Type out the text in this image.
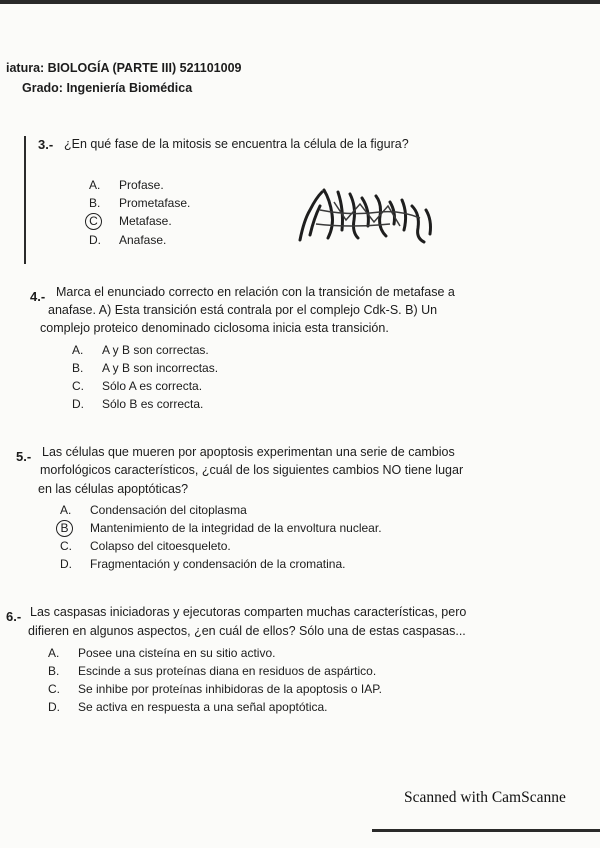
iatura: BIOLOGÍA (PARTE III) 521101009
Grado: Ingeniería Biomédica
3.- ¿En qué fase de la mitosis se encuentra la célula de la figura?
A. Profase.
B. Prometafase.
C Metafase.
D. Anafase.
4.- Marca el enunciado correcto en relación con la transición de metafase a
anafase. A) Esta transición está contrala por el complejo Cdk-S. B) Un
complejo proteico denominado ciclosoma inicia esta transición.
A. A y B son correctas.
B. A y B son incorrectas.
C. Sólo A es correcta.
D. Sólo B es correcta.
5.- Las células que mueren por apoptosis experimentan una serie de cambios
morfológicos característicos, ¿cuál de los siguientes cambios NO tiene lugar
en las células apoptóticas?
A. Condensación del citoplasma
B Mantenimiento de la integridad de la envoltura nuclear.
C. Colapso del citoesqueleto.
D. Fragmentación y condensación de la cromatina.
6.- Las caspasas iniciadoras y ejecutoras comparten muchas características, pero
difieren en algunos aspectos, ¿en cuál de ellos? Sólo una de estas caspasas...
A. Posee una cisteína en su sitio activo.
B. Escinde a sus proteínas diana en residuos de aspártico.
C. Se inhibe por proteínas inhibidoras de la apoptosis o IAP.
D. Se activa en respuesta a una señal apoptótica.
Scanned with CamScanne
